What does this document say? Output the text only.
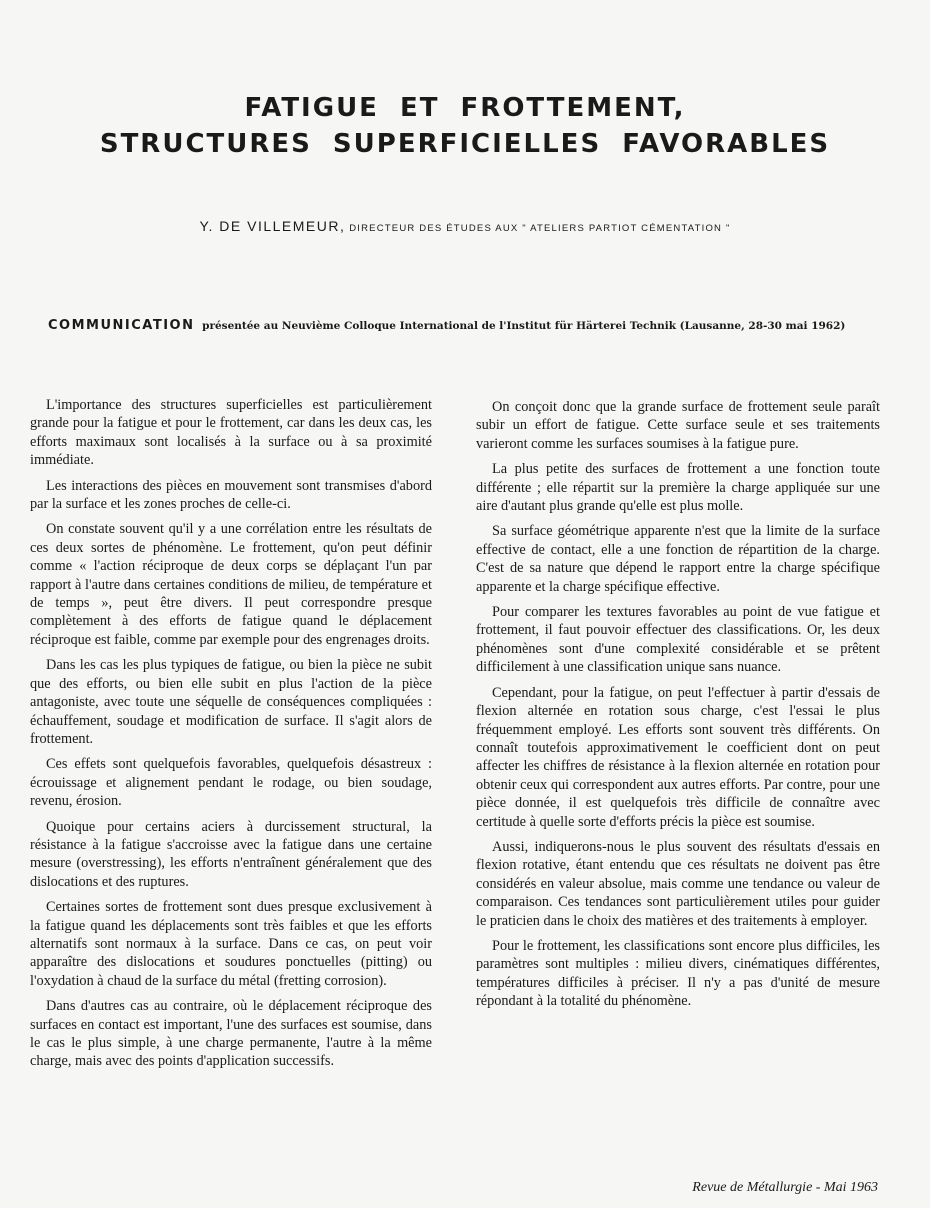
FATIGUE ET FROTTEMENT,
STRUCTURES SUPERFICIELLES FAVORABLES
Y. DE VILLEMEUR, DIRECTEUR DES ÉTUDES AUX " ATELIERS PARTIOT CÉMENTATION "
COMMUNICATION présentée au Neuvième Colloque International de l'Institut für Härterei Technik (Lausanne, 28-30 mai 1962)

L'importance des structures superficielles est particulièrement grande pour la fatigue et pour le frottement, car dans les deux cas, les efforts maximaux sont localisés à la surface ou à sa proximité immédiate.

Les interactions des pièces en mouvement sont transmises d'abord par la surface et les zones proches de celle-ci.

On constate souvent qu'il y a une corrélation entre les résultats de ces deux sortes de phénomène. Le frottement, qu'on peut définir comme « l'action réciproque de deux corps se déplaçant l'un par rapport à l'autre dans certaines conditions de milieu, de température et de temps », peut être divers. Il peut correspondre presque complètement à des efforts de fatigue quand le déplacement réciproque est faible, comme par exemple pour des engrenages droits.

Dans les cas les plus typiques de fatigue, ou bien la pièce ne subit que des efforts, ou bien elle subit en plus l'action de la pièce antagoniste, avec toute une séquelle de conséquences compliquées : échauffement, soudage et modification de surface. Il s'agit alors de frottement.

Ces effets sont quelquefois favorables, quelquefois désastreux : écrouissage et alignement pendant le rodage, ou bien soudage, revenu, érosion.

Quoique pour certains aciers à durcissement structural, la résistance à la fatigue s'accroisse avec la fatigue dans une certaine mesure (overstressing), les efforts n'entraînent généralement que des dislocations et des ruptures.

Certaines sortes de frottement sont dues presque exclusivement à la fatigue quand les déplacements sont très faibles et que les efforts alternatifs sont normaux à la surface. Dans ce cas, on peut voir apparaître des dislocations et soudures ponctuelles (pitting) ou l'oxydation à chaud de la surface du métal (fretting corrosion).

Dans d'autres cas au contraire, où le déplacement réciproque des surfaces en contact est important, l'une des surfaces est soumise, dans le cas le plus simple, à une charge permanente, l'autre à la même charge, mais avec des points d'application successifs.

On conçoit donc que la grande surface de frottement seule paraît subir un effort de fatigue. Cette surface seule et ses traitements varieront comme les surfaces soumises à la fatigue pure.

La plus petite des surfaces de frottement a une fonction toute différente ; elle répartit sur la première la charge appliquée sur une aire d'autant plus grande qu'elle est plus molle.

Sa surface géométrique apparente n'est que la limite de la surface effective de contact, elle a une fonction de répartition de la charge. C'est de sa nature que dépend le rapport entre la charge spécifique apparente et la charge spécifique effective.

Pour comparer les textures favorables au point de vue fatigue et frottement, il faut pouvoir effectuer des classifications. Or, les deux phénomènes sont d'une complexité considérable et se prêtent difficilement à une classification unique sans nuance.

Cependant, pour la fatigue, on peut l'effectuer à partir d'essais de flexion alternée en rotation sous charge, c'est l'essai le plus fréquemment employé. Les efforts sont souvent très différents. On connaît toutefois approximativement le coefficient dont on peut affecter les chiffres de résistance à la flexion alternée en rotation pour obtenir ceux qui correspondent aux autres efforts. Par contre, pour une pièce donnée, il est quelquefois très difficile de connaître avec certitude à quelle sorte d'efforts précis la pièce est soumise.

Aussi, indiquerons-nous le plus souvent des résultats d'essais en flexion rotative, étant entendu que ces résultats ne doivent pas être considérés en valeur absolue, mais comme une tendance ou valeur de comparaison. Ces tendances sont particulièrement utiles pour guider le praticien dans le choix des matières et des traitements à employer.

Pour le frottement, les classifications sont encore plus difficiles, les paramètres sont multiples : milieu divers, cinématiques différentes, températures difficiles à préciser. Il n'y a pas d'unité de mesure répondant à la totalité du phénomène.

Revue de Métallurgie - Mai 1963
